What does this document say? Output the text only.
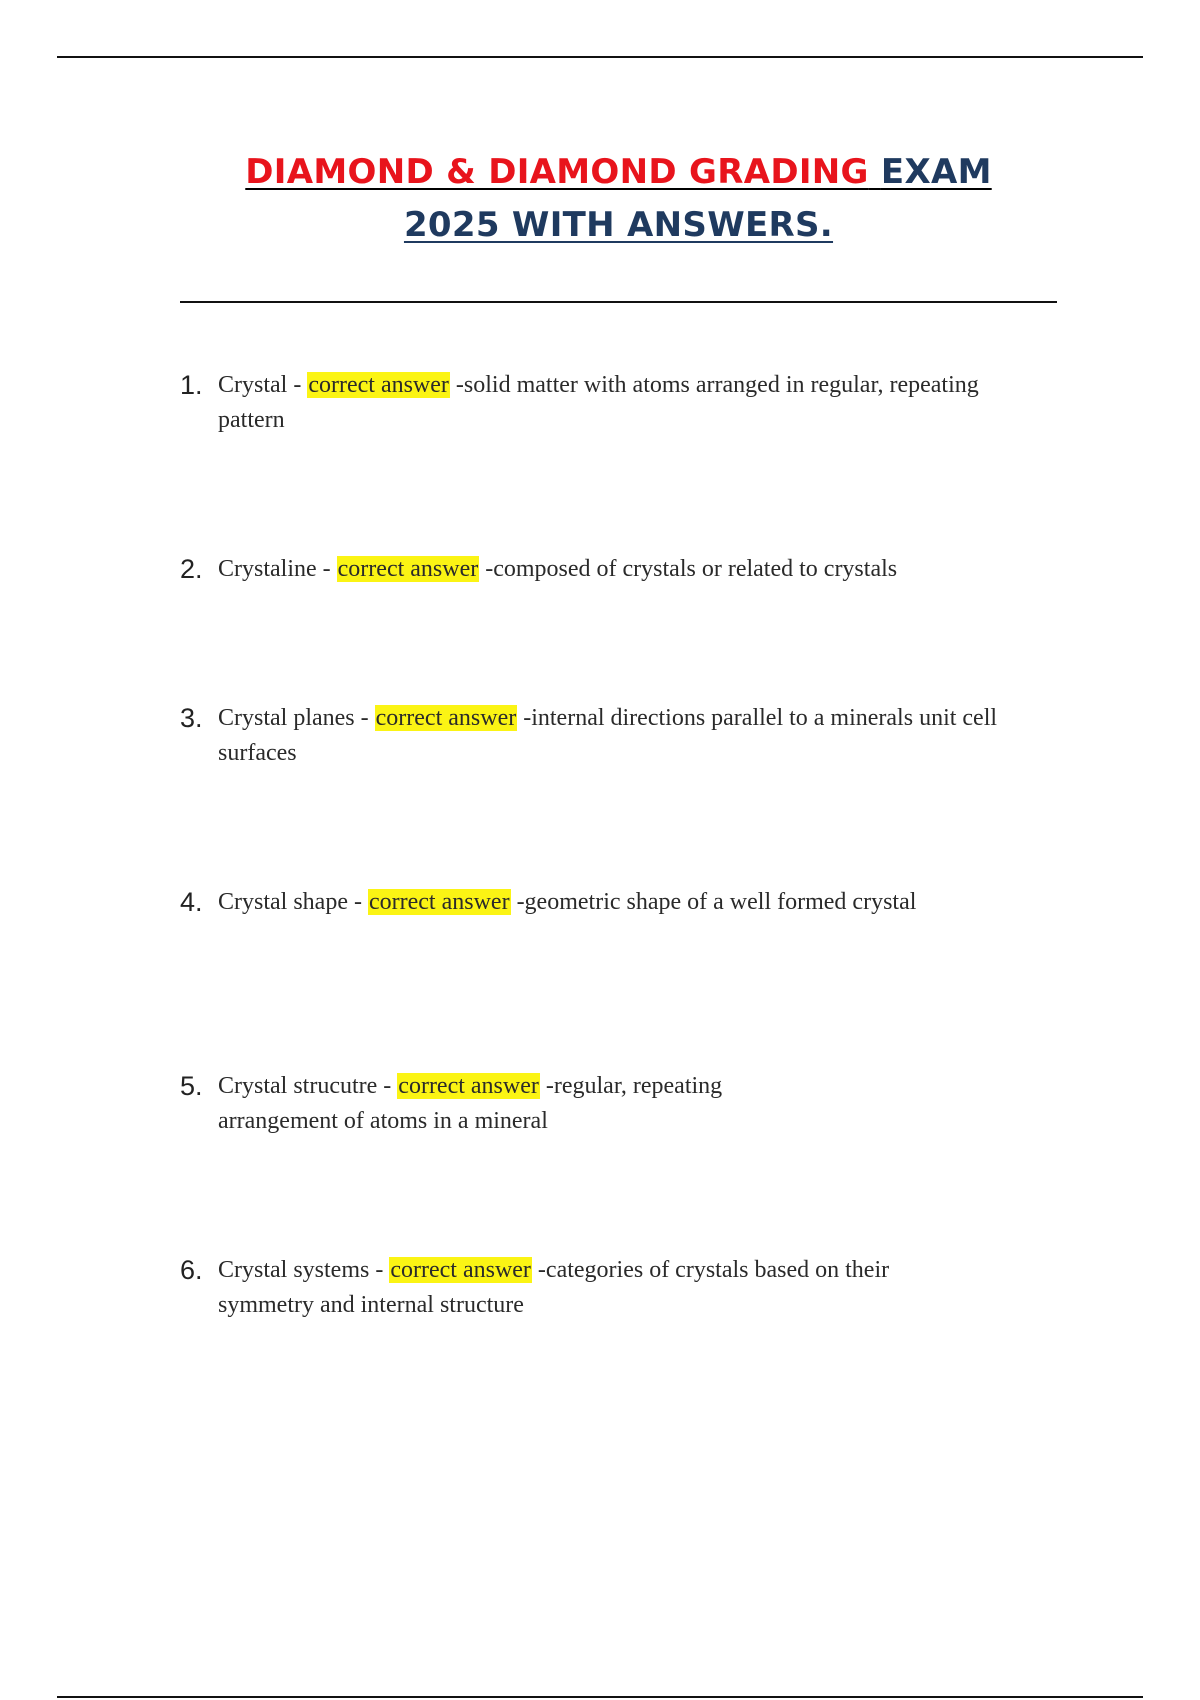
DIAMOND & DIAMOND GRADING EXAM
2025 WITH ANSWERS.
1. Crystal - correct answer -solid matter with atoms arranged in regular, repeating pattern
2. Crystaline - correct answer -composed of crystals or related to crystals
3. Crystal planes - correct answer -internal directions parallel to a minerals unit cell surfaces
4. Crystal shape - correct answer -geometric shape of a well formed crystal
5. Crystal strucutre - correct answer -regular, repeating arrangement of atoms in a mineral
6. Crystal systems - correct answer -categories of crystals based on their symmetry and internal structure
